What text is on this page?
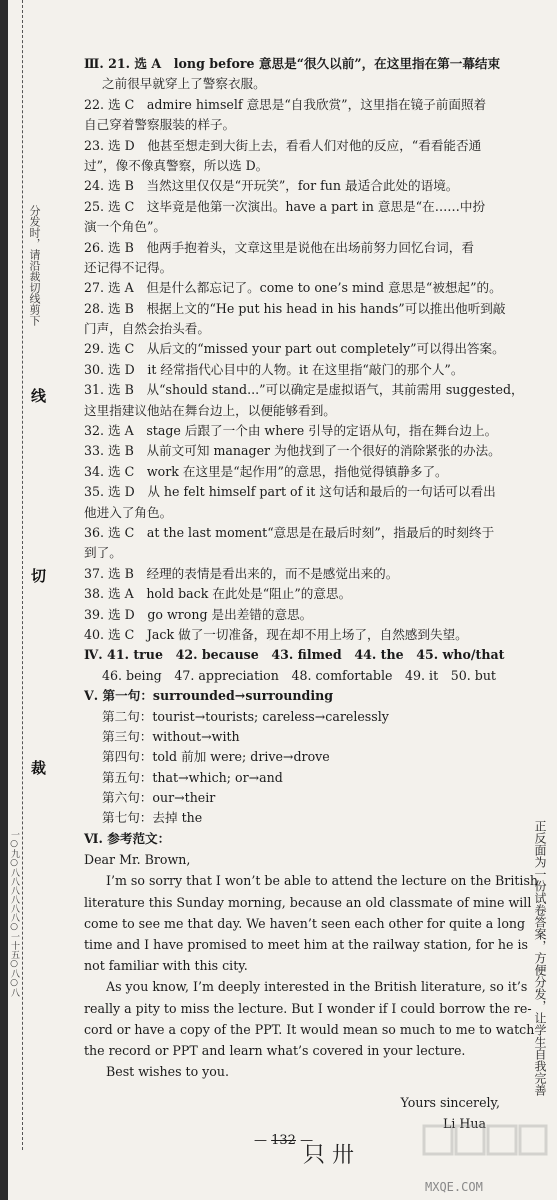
分发时，请沿裁切线剪下
线
切
裁
一○九○八八八八八八○一十五○八○八	正反面为一份试卷答案，方便分发，让学生自我完善
Ⅲ. 21. 选 A　long before 意思是“很久以前”，在这里指在第一幕结束
之前很早就穿上了警察衣服。
22. 选 C　admire himself 意思是“自我欣赏”，这里指在镜子前面照着
自己穿着警察服装的样子。
23. 选 D　他甚至想走到大街上去，看看人们对他的反应，“看看能否通
过”，像不像真警察，所以选 D。
24. 选 B　当然这里仅仅是“开玩笑”，for fun 最适合此处的语境。
25. 选 C　这毕竟是他第一次演出。have a part in 意思是“在……中扮
演一个角色”。
26. 选 B　他两手抱着头，文章这里是说他在出场前努力回忆台词，看
还记得不记得。
27. 选 A　但是什么都忘记了。come to one’s mind 意思是“被想起”的。
28. 选 B　根据上文的“He put his head in his hands”可以推出他听到敲
门声，自然会抬头看。
29. 选 C　从后文的“missed your part out completely”可以得出答案。
30. 选 D　it 经常指代心目中的人物。it 在这里指“敲门的那个人”。
31. 选 B　从“should stand...”可以确定是虚拟语气，其前需用 suggested，
这里指建议他站在舞台边上，以便能够看到。
32. 选 A　stage 后跟了一个由 where 引导的定语从句，指在舞台边上。
33. 选 B　从前文可知 manager 为他找到了一个很好的消除紧张的办法。
34. 选 C　work 在这里是“起作用”的意思，指他觉得镇静多了。
35. 选 D　从 he felt himself part of it 这句话和最后的一句话可以看出
他进入了角色。
36. 选 C　at the last moment“意思是在最后时刻”，指最后的时刻终于
到了。
37. 选 B　经理的表情是看出来的，而不是感觉出来的。
38. 选 A　hold back 在此处是“阻止”的意思。
39. 选 D　go wrong 是出差错的意思。
40. 选 C　Jack 做了一切准备，现在却不用上场了，自然感到失望。
Ⅳ. 41. true　42. because　43. filmed　44. the　45. who/that
46. being　47. appreciation　48. comfortable　49. it　50. but
Ⅴ. 第一句：surrounded→surrounding
第二句：tourist→tourists; careless→carelessly
第三句：without→with
第四句：told 前加 were; drive→drove
第五句：that→which; or→and
第六句：our→their
第七句：去掉 the
Ⅵ. 参考范文：
Dear Mr. Brown,
I’m so sorry that I won’t be able to attend the lecture on the British
literature this Sunday morning, because an old classmate of mine will
come to see me that day. We haven’t seen each other for quite a long
time and I have promised to meet him at the railway station, for he is
not familiar with this city.
As you know, I’m deeply interested in the British literature, so it’s
really a pity to miss the lecture. But I wonder if I could borrow the re-
cord or have a copy of the PPT. It would mean so much to me to watch
the record or PPT and learn what’s covered in your lecture.
Best wishes to you.
Yours sincerely,
Li Hua
— 132 —
只 卅
MXQE.COM
